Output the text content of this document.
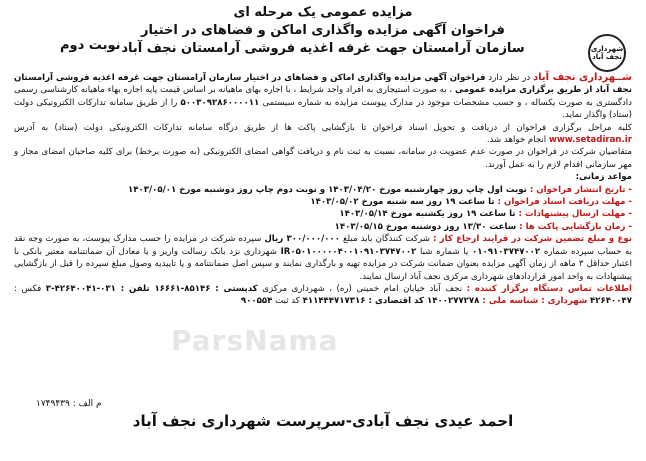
ParsNama
مزایده عمومی یک مرحله ای
فراخوان آگهی مزایده واگذاری اماکن و فضاهای در اختیار
سازمان آرامستان جهت غرفه اغذیه فروشی آرامستان نجف آباد
نوبت دوم	شهرداری نجف آباد

شــهرداری نجف آباد در نظر دارد فراخوان آگهی مزایده واگذاری اماکن و فضاهای در اختیار سازمان آرامستان جهت غرفه اغذیه فروشی آرامستان نجف آباد از طریق برگزاری مزایده عمومی ، به صورت استیجاری به افراد واجد شرایط ، با اجاره بهای ماهیانه بر اساس قیمت پایه اجاره بهاء ماهیانه کارشناسی رسمی دادگستری به صورت یکساله ، و حسب مشخصات موجود در مدارک پیوست مزایده به شماره سیستمی ۵۰۰۳۰۹۲۸۶۰۰۰۰۱۱ را از طریق سامانه تدارکات الکترونیکی دولت (ستاد) واگذار نماید.

کلیه مراحل برگزاری فراخوان از دریافت و تحویل اسناد فراخوان تا بازگشایی پاکت ها از طریق درگاه سامانه تدارکات الکترونیکی دولت (ستاد) به آدرس www.setadiran.ir انجام خواهد شد.

متقاضیان شرکت در فراخوان در صورت عدم عضویت در سامانه، نسبت به ثبت نام و دریافت گواهی امضای الکترونیکی (به صورت برخط) برای کلیه صاحبان امضای مجاز و مهر سازمانی اقدام لازم را به عمل آورند.

مواعد زمانی:

- تاریخ انتشار فراخوان : نوبت اول چاپ روز چهارشنبه مورخ ۱۴۰۳/۰۴/۲۰ و نوبت دوم چاپ روز دوشنبه مورخ ۱۴۰۳/۰۵/۰۱

- مهلت دریافت اسناد فراخوان : تا ساعت ۱۹ روز سه شنبه مورخ ۱۴۰۳/۰۵/۰۲

- مهلت ارسال پیشنهادات : تا ساعت ۱۹ روز یکشنبه مورخ ۱۴۰۳/۰۵/۱۴

- زمان بازگشایی پاکت ها : ساعت ۱۳/۳۰ روز دوشنبه مورخ ۱۴۰۳/۰۵/۱۵

نوع و مبلغ تضمین شرکت در فرایند ارجاع کار : شرکت کنندگان باید مبلغ ۳۰۰/۰۰۰/۰۰۰ ریال سپرده شرکت در مزایده را حسب مدارک پیوست، به صورت وجه نقد به حساب سپرده شماره ۰۱۰۹۱۰۳۷۴۷۰۰۲ یا شماره شبا IR۰۵۰۱۰۰۰۰۰۴۰۰۱۰۹۱۰۳۷۴۷۰۰۲ شهرداری نزد بانک رسالت واریز و یا معادل آن ضمانتنامه معتبر بانکی با اعتبار حداقل ۳ ماهه از زمان آگهی مزایده بعنوان ضمانت شرکت در مزایده تهیه و بارگذاری نمایند و سپس اصل ضمانتنامه و یا تاییدیه وصول مبلغ سپرده را قبل از بازگشایی پیشنهادات به واحد امور قراردادهای شهرداری مرکزی نجف آباد ارسال نمایند.

اطلاعات تماس دستگاه برگزار کننده : نجف آباد خیابان امام خمینی (ره) ، شهرداری مرکزی کدپستی : ۸۵۱۴۶-۱۶۶۶۱ تلفن : ۰۳۱-۴۲۶۴۰۰۴۱-۳ فکس : ۴۲۶۴۰۰۴۷ شهرداری : شناسه ملی : ۱۴۰۰۲۷۷۲۷۸ کد اقتصادی : ۴۱۱۴۴۴۷۱۷۳۱۶ کد ثبت ۹۰۰۵۵۴

م الف : ۱۷۴۹۴۳۹
احمد عیدی نجف آبادی-سرپرست شهرداری نجف آباد
